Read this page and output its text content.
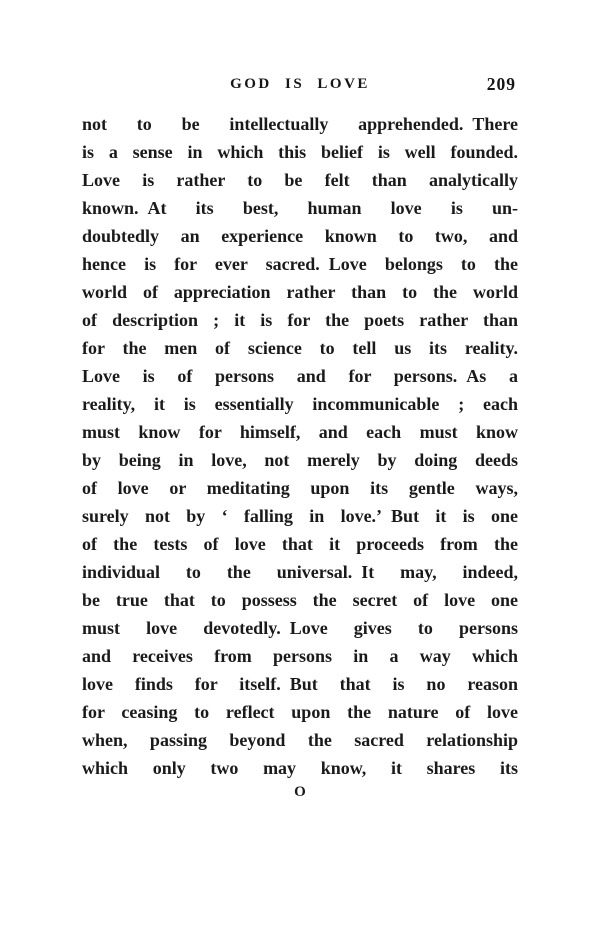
GOD IS LOVE	209
not to be intellectually apprehended. There
is a sense in which this belief is well founded.
Love is rather to be felt than analytically
known. At its best, human love is un-
doubtedly an experience known to two, and
hence is for ever sacred. Love belongs to the
world of appreciation rather than to the world
of description ; it is for the poets rather than
for the men of science to tell us its reality.
Love is of persons and for persons. As a
reality, it is essentially incommunicable ; each
must know for himself, and each must know
by being in love, not merely by doing deeds
of love or meditating upon its gentle ways,
surely not by ‘ falling in love.’ But it is one
of the tests of love that it proceeds from the
individual to the universal. It may, indeed,
be true that to possess the secret of love one
must love devotedly. Love gives to persons
and receives from persons in a way which
love finds for itself. But that is no reason
for ceasing to reflect upon the nature of love
when, passing beyond the sacred relationship
which only two may know, it shares its
O
